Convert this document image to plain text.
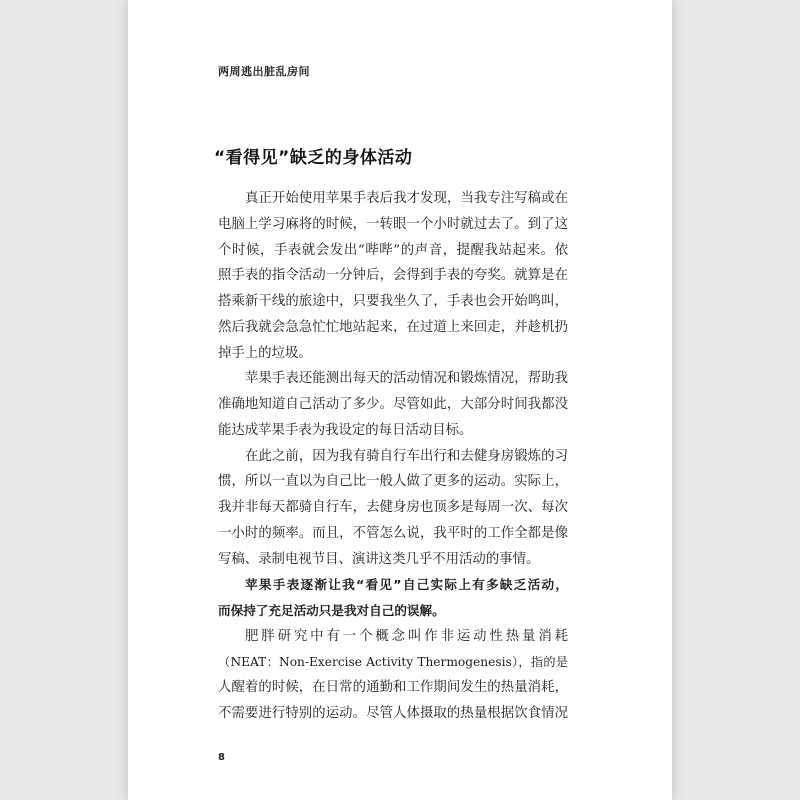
两周逃出脏乱房间
“看得见”缺乏的身体活动
真正开始使用苹果手表后我才发现，当我专注写稿或在
电脑上学习麻将的时候，一转眼一个小时就过去了。到了这
个时候，手表就会发出“哔哔”的声音，提醒我站起来。依
照手表的指令活动一分钟后，会得到手表的夸奖。就算是在
搭乘新干线的旅途中，只要我坐久了，手表也会开始鸣叫，
然后我就会急急忙忙地站起来，在过道上来回走，并趁机扔
掉手上的垃圾。
苹果手表还能测出每天的活动情况和锻炼情况，帮助我
准确地知道自己活动了多少。尽管如此，大部分时间我都没
能达成苹果手表为我设定的每日活动目标。
在此之前，因为我有骑自行车出行和去健身房锻炼的习
惯，所以一直以为自己比一般人做了更多的运动。实际上，
我并非每天都骑自行车，去健身房也顶多是每周一次、每次
一小时的频率。而且，不管怎么说，我平时的工作全都是像
写稿、录制电视节目、演讲这类几乎不用活动的事情。
苹果手表逐渐让我“看见”自己实际上有多缺乏活动，
而保持了充足活动只是我对自己的误解。
肥胖研究中有一个概念叫作非运动性热量消耗
（NEAT：Non-Exercise Activity Thermogenesis），指的是
人醒着的时候，在日常的通勤和工作期间发生的热量消耗，
不需要进行特别的运动。尽管人体摄取的热量根据饮食情况
8
